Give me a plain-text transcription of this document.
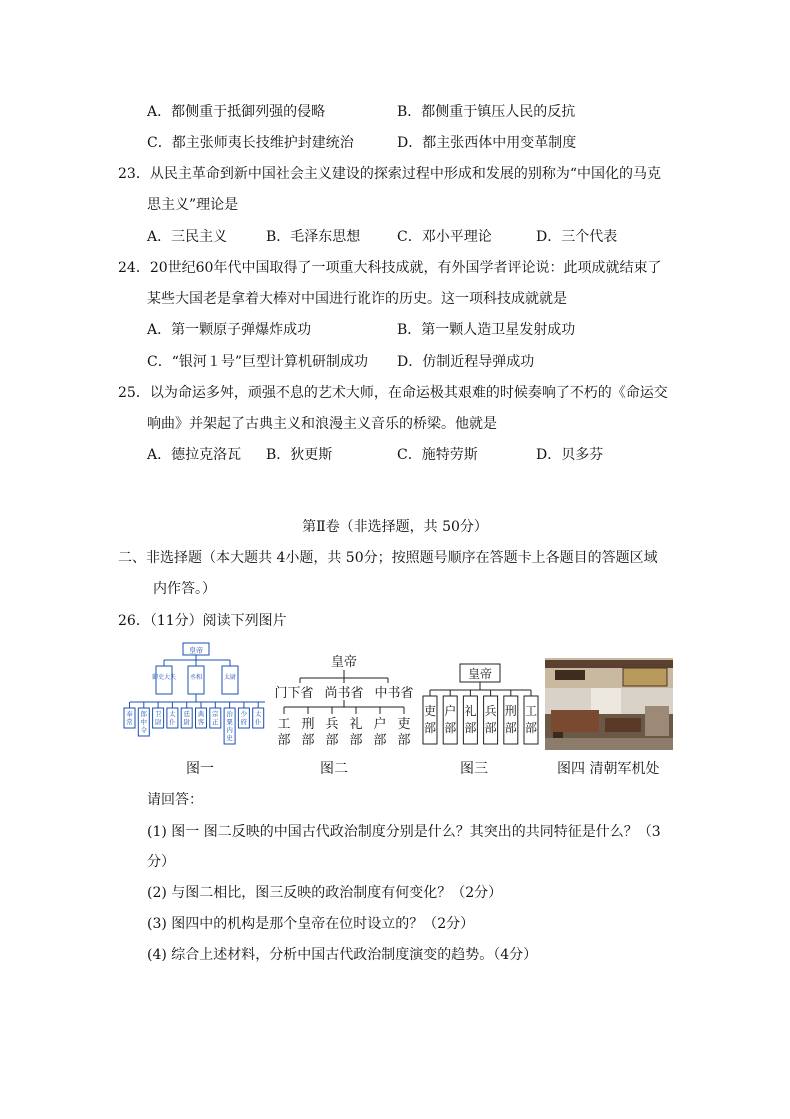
A．都侧重于抵御列强的侵略	B．都侧重于镇压人民的反抗
C．都主张师夷长技维护封建统治	D．都主张西体中用变革制度
23．从民主革命到新中国社会主义建设的探索过程中形成和发展的别称为“中国化的马克
思主义”理论是
A．三民主义	B．毛泽东思想	C．邓小平理论	D．三个代表
24．20世纪60年代中国取得了一项重大科技成就，有外国学者评论说：此项成就结束了
某些大国老是拿着大棒对中国进行讹诈的历史。这一项科技成就就是
A．第一颗原子弹爆炸成功	B．第一颗人造卫星发射成功
C．“银河１号”巨型计算机研制成功 D．仿制近程导弹成功
25．以为命运多舛，顽强不息的艺术大师，在命运极其艰难的时候奏响了不朽的《命运交
响曲》并架起了古典主义和浪漫主义音乐的桥梁。他就是
A．德拉克洛瓦 B．狄更斯	C．施特劳斯	D．贝多芬
第Ⅱ卷（非选择题，共 50分）
二、非选择题（本大题共 4小题，共 50分；按照题号顺序在答题卡上各题目的答题区域
内作答。）
26．（11分）阅读下列图片
奉常
郎中令
卫尉
太仆
廷尉
典客
宗正
治粟内史
少府
太仆
皇帝
御史大夫 丞相	太尉
图一
皇帝
门下省 尚书省 中书省
工部
刑部
兵部
礼部
户部
吏部
图二
吏部
户部
礼部
兵部
刑部
工部
皇帝
图三	图四 清朝军机处
请回答：
(1) 图一 图二反映的中国古代政治制度分别是什么？其突出的共同特征是什么？（3
分）
(2) 与图二相比，图三反映的政治制度有何变化？（2分）
(3) 图四中的机构是那个皇帝在位时设立的？（2分）
(4) 综合上述材料，分析中国古代政治制度演变的趋势。（4分）
